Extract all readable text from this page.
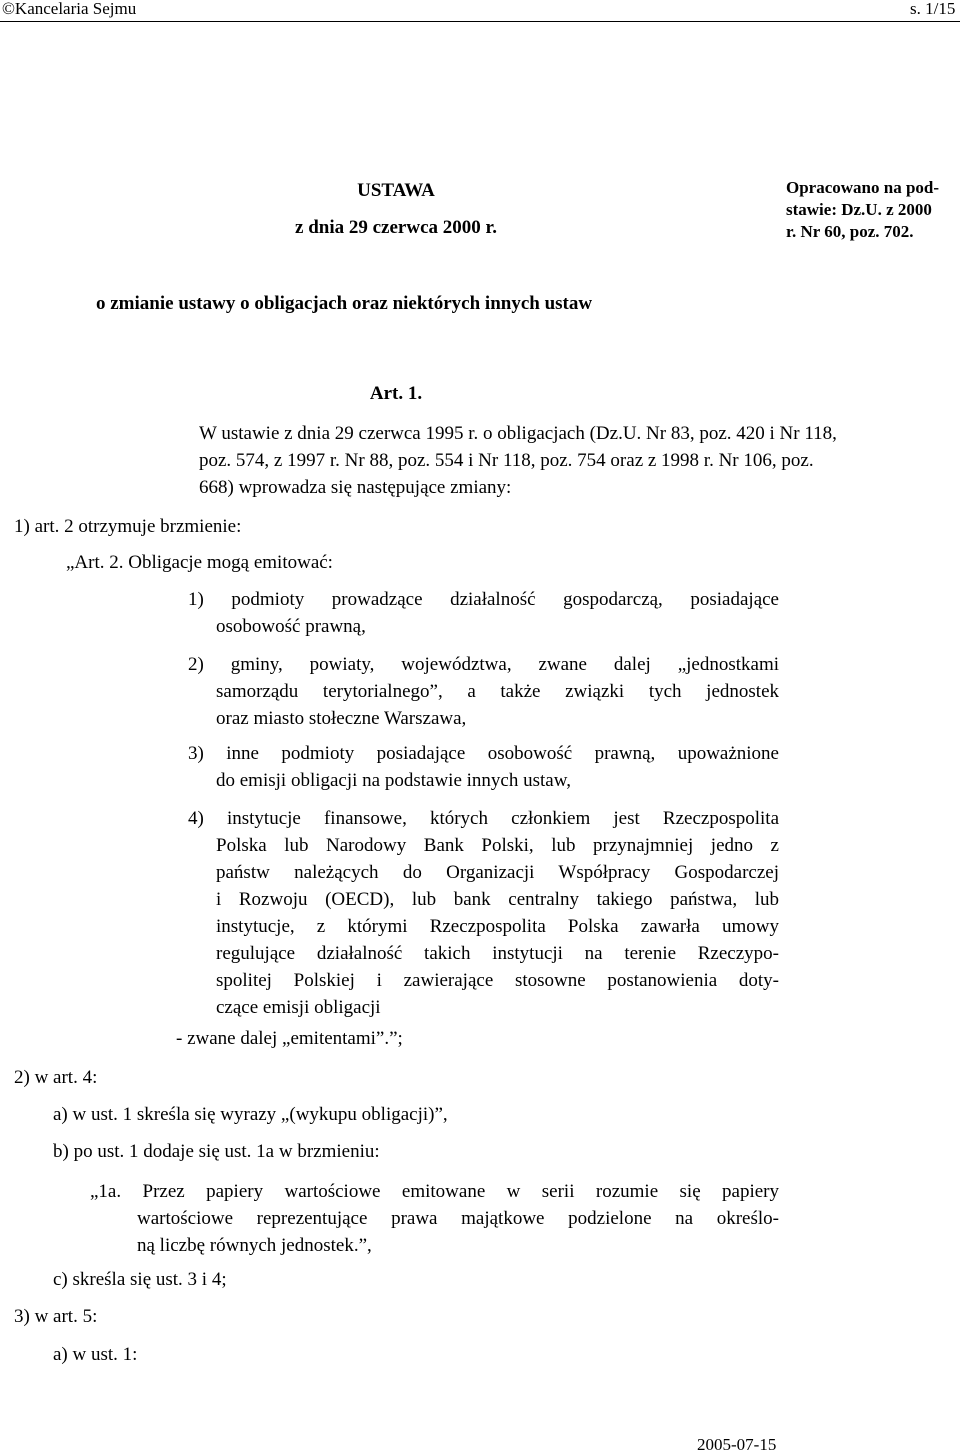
©Kancelaria Sejmu	s. 1/15
USTAWA
z dnia 29 czerwca 2000 r.
o zmianie ustawy o obligacjach oraz niektórych innych ustaw
Opracowano na pod-
stawie: Dz.U. z 2000
r. Nr 60, poz. 702.
Art. 1.
W ustawie z dnia 29 czerwca 1995 r. o obligacjach (Dz.U. Nr 83, poz. 420 i Nr 118,
poz. 574, z 1997 r. Nr 88, poz. 554 i Nr 118, poz. 754 oraz z 1998 r. Nr 106, poz.
668) wprowadza się następujące zmiany:
1) art. 2 otrzymuje brzmienie:
„Art. 2. Obligacje mogą emitować:
1) podmioty prowadzące działalność gospodarczą, posiadające
osobowość prawną,
2) gminy, powiaty, województwa, zwane dalej „jednostkami
samorządu terytorialnego”, a także związki tych jednostek
oraz miasto stołeczne Warszawa,
3) inne podmioty posiadające osobowość prawną, upoważnione
do emisji obligacji na podstawie innych ustaw,
4) instytucje finansowe, których członkiem jest Rzeczpospolita
Polska lub Narodowy Bank Polski, lub przynajmniej jedno z
państw należących do Organizacji Współpracy Gospodarczej
i Rozwoju (OECD), lub bank centralny takiego państwa, lub
instytucje, z którymi Rzeczpospolita Polska zawarła umowy
regulujące działalność takich instytucji na terenie Rzeczypo-
spolitej Polskiej i zawierające stosowne postanowienia doty-
czące emisji obligacji
- zwane dalej „emitentami”.”;
2) w art. 4:
a) w ust. 1 skreśla się wyrazy „(wykupu obligacji)”,
b) po ust. 1 dodaje się ust. 1a w brzmieniu:
„1a. Przez papiery wartościowe emitowane w serii rozumie się papiery
wartościowe reprezentujące prawa majątkowe podzielone na określo-
ną liczbę równych jednostek.”,
c) skreśla się ust. 3 i 4;
3) w art. 5:
a) w ust. 1:
2005-07-15
